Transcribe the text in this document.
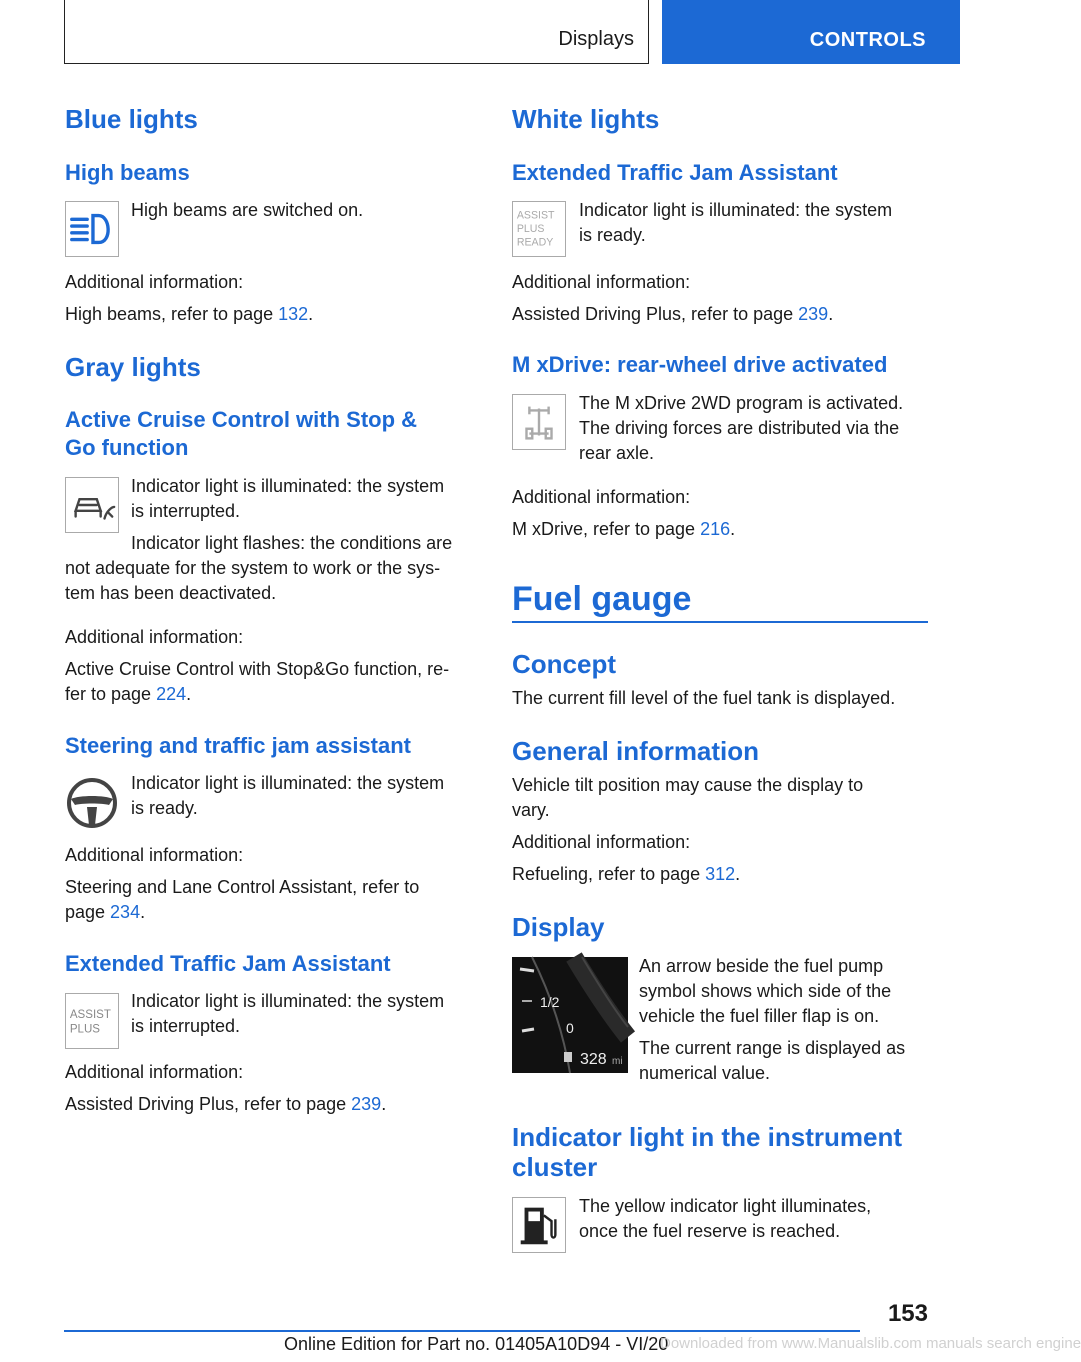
Displays	CONTROLS
Blue lights
High beams
High beams are switched on.
Additional information:
High beams, refer to page 132.
Gray lights
Active Cruise Control with Stop &
Go function
Indicator light is illuminated: the system
is interrupted.
Indicator light flashes: the conditions are
not adequate for the system to work or the sys-
tem has been deactivated.
Additional information:
Active Cruise Control with Stop&Go function, re-
fer to page 224.
Steering and traffic jam assistant
Indicator light is illuminated: the system
is ready.
Additional information:
Steering and Lane Control Assistant, refer to
page 234.
Extended Traffic Jam Assistant
ASSIST
PLUS
Indicator light is illuminated: the system
is interrupted.
Additional information:
Assisted Driving Plus, refer to page 239.
White lights
Extended Traffic Jam Assistant
ASSIST
PLUS
READY
Indicator light is illuminated: the system
is ready.
Additional information:
Assisted Driving Plus, refer to page 239.
M xDrive: rear-wheel drive activated
The M xDrive 2WD program is activated.
The driving forces are distributed via the
rear axle.
Additional information:
M xDrive, refer to page 216.
Fuel gauge
Concept
The current fill level of the fuel tank is displayed.
General information
Vehicle tilt position may cause the display to
vary.
Additional information:
Refueling, refer to page 312.
Display
1/2
0
328 mi
An arrow beside the fuel pump
symbol shows which side of the
vehicle the fuel filler flap is on.
The current range is displayed as
numerical value.
Indicator light in the instrument
cluster
The yellow indicator light illuminates,
once the fuel reserve is reached.
153
Online Edition for Part no. 01405A10D94 - VI/20
Downloaded from www.Manualslib.com manuals search engine
